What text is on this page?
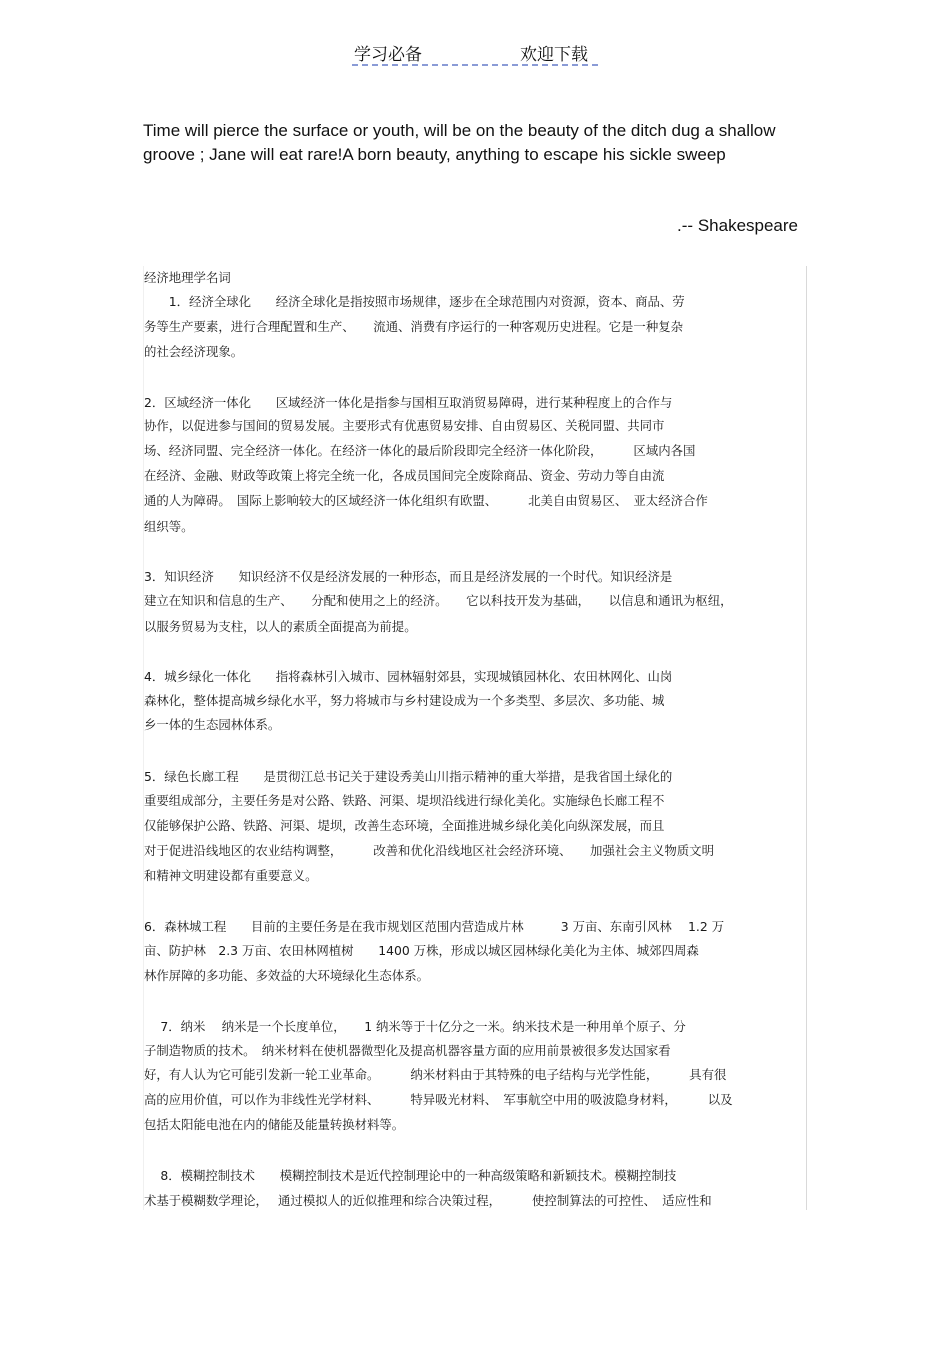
学习必备	欢迎下载
Time will pierce the surface or youth, will be on the beauty of the ditch dug a shallow groove ; Jane will eat rare!A born beauty, anything to escape his sickle sweep
.-- Shakespeare
经济地理学名词
　　1．经济全球化　　经济全球化是指按照市场规律，逐步在全球范围内对资源，资本、商品、劳
务等生产要素，进行合理配置和生产、　　流通、消费有序运行的一种客观历史进程。它是一种复杂
的社会经济现象。
2．区域经济一体化　　区域经济一体化是指参与国相互取消贸易障碍，进行某种程度上的合作与
协作，以促进参与国间的贸易发展。主要形式有优惠贸易安排、自由贸易区、关税同盟、共同市
场、经济同盟、完全经济一体化。在经济一体化的最后阶段即完全经济一体化阶段，　　　区域内各国
在经济、金融、财政等政策上将完全统一化，各成员国间完全废除商品、资金、劳动力等自由流
通的人为障碍。　国际上影响较大的区域经济一体化组织有欧盟、　　　北美自由贸易区、　亚太经济合作
组织等。
3．知识经济　　知识经济不仅是经济发展的一种形态，而且是经济发展的一个时代。知识经济是
建立在知识和信息的生产、　　分配和使用之上的经济。　　它以科技开发为基础，　　以信息和通讯为枢纽，
以服务贸易为支柱，以人的素质全面提高为前提。
4．城乡绿化一体化　　指将森林引入城市、园林辐射郊县，实现城镇园林化、农田林网化、山岗
森林化，整体提高城乡绿化水平，努力将城市与乡村建设成为一个多类型、多层次、多功能、城
乡一体的生态园林体系。
5．绿色长廊工程　　是贯彻江总书记关于建设秀美山川指示精神的重大举措，是我省国土绿化的
重要组成部分，主要任务是对公路、铁路、河渠、堤坝沿线进行绿化美化。实施绿色长廊工程不
仅能够保护公路、铁路、河渠、堤坝，改善生态环境，全面推进城乡绿化美化向纵深发展，而且
对于促进沿线地区的农业结构调整，　　　改善和优化沿线地区社会经济环境、　　加强社会主义物质文明
和精神文明建设都有重要意义。
6．森林城工程　　目前的主要任务是在我市规划区范围内营造成片林　　　3 万亩、东南引风林　 1.2 万
亩、防护林　2.3 万亩、农田林网植树　　1400 万株，形成以城区园林绿化美化为主体、城郊四周森
林作屏障的多功能、多效益的大环境绿化生态体系。
　 7．纳米　 纳米是一个长度单位，　　1 纳米等于十亿分之一米。纳米技术是一种用单个原子、分
子制造物质的技术。　纳米材料在使机器微型化及提高机器容量方面的应用前景被很多发达国家看
好，有人认为它可能引发新一轮工业革命。　　　纳米材料由于其特殊的电子结构与光学性能，　　　具有很
高的应用价值，可以作为非线性光学材料、　　　特异吸光材料、　军事航空中用的吸波隐身材料，　　　以及
包括太阳能电池在内的储能及能量转换材料等。
　 8．模糊控制技术　　模糊控制技术是近代控制理论中的一种高级策略和新颖技术。模糊控制技
术基于模糊数学理论，　 通过模拟人的近似推理和综合决策过程，　　　使控制算法的可控性、　适应性和
